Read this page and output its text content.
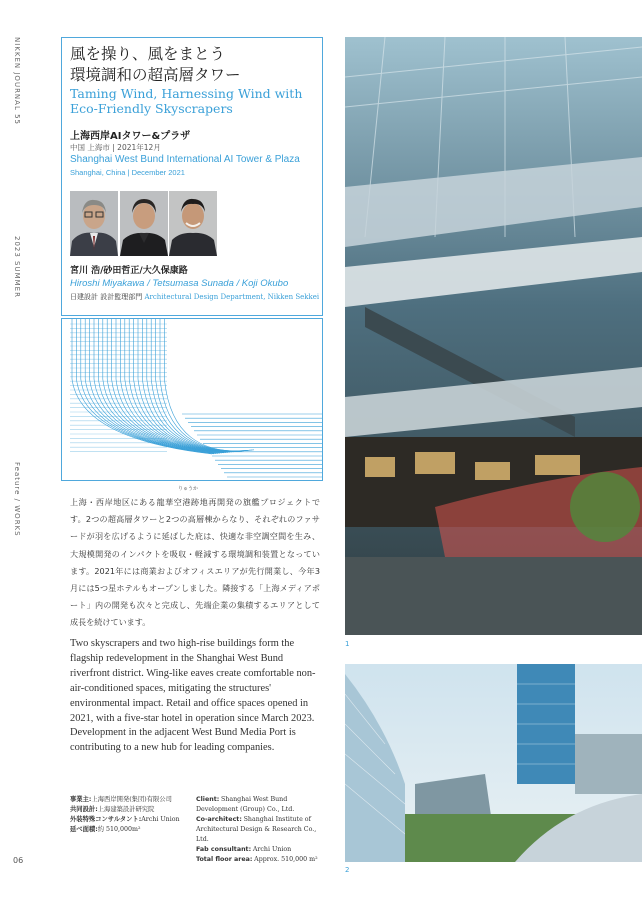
NIKKEN JOURNAL 55
2023 SUMMER
Feature / WORKS
06
風を操り、風をまとう
環境調和の超高層タワー
Taming Wind, Harnessing Wind with
Eco-Friendly Skyscrapers
上海西岸AIタワー&プラザ
中国 上海市 | 2021年12月
Shanghai West Bund International AI Tower & Plaza
Shanghai, China | December 2021
宮川 浩/砂田哲正/大久保康路
Hiroshi Miyakawa / Tetsumasa Sunada / Koji Okubo
日建設計 設計監理部門 Architectural Design Department, Nikken Sekkei
上海・西岸地区にある龍華空港跡地再開発の旗艦プロジェクトです。2つの超高層タワーと2つの高層棟からなり、それぞれのファサードが羽を広げるように延ばした庇は、快適な非空調空間を生み、大規模開発のインパクトを吸収・軽減する環境調和装置となっています。2021年には商業およびオフィスエリアが先行開業し、今年3月には5つ星ホテルもオープンしました。隣接する「上海メディアポート」内の開発も次々と完成し、先端企業の集積するエリアとして成長を続けています。
りゅうか
Two skyscrapers and two high-rise buildings form the flagship redevelopment in the Shanghai West Bund riverfront district. Wing-like eaves create comfortable non-air-conditioned spaces, mitigating the structures' environmental impact. Retail and office spaces opened in 2021, with a five-star hotel in operation since March 2023. Development in the adjacent West Bund Media Port is contributing to a new hub for leading companies.
事業主:上海西岸開発(集団)有限公司
共同設計:上海建築設計研究院
外装特殊コンサルタント:Archi Union
延べ面積:約 510,000m²
Client: Shanghai West Bund Development (Group) Co., Ltd.
Co-architect: Shanghai Institute of Architectural Design & Research Co., Ltd.
Fab consultant: Archi Union
Total floor area: Approx. 510,000 m²
1
2
